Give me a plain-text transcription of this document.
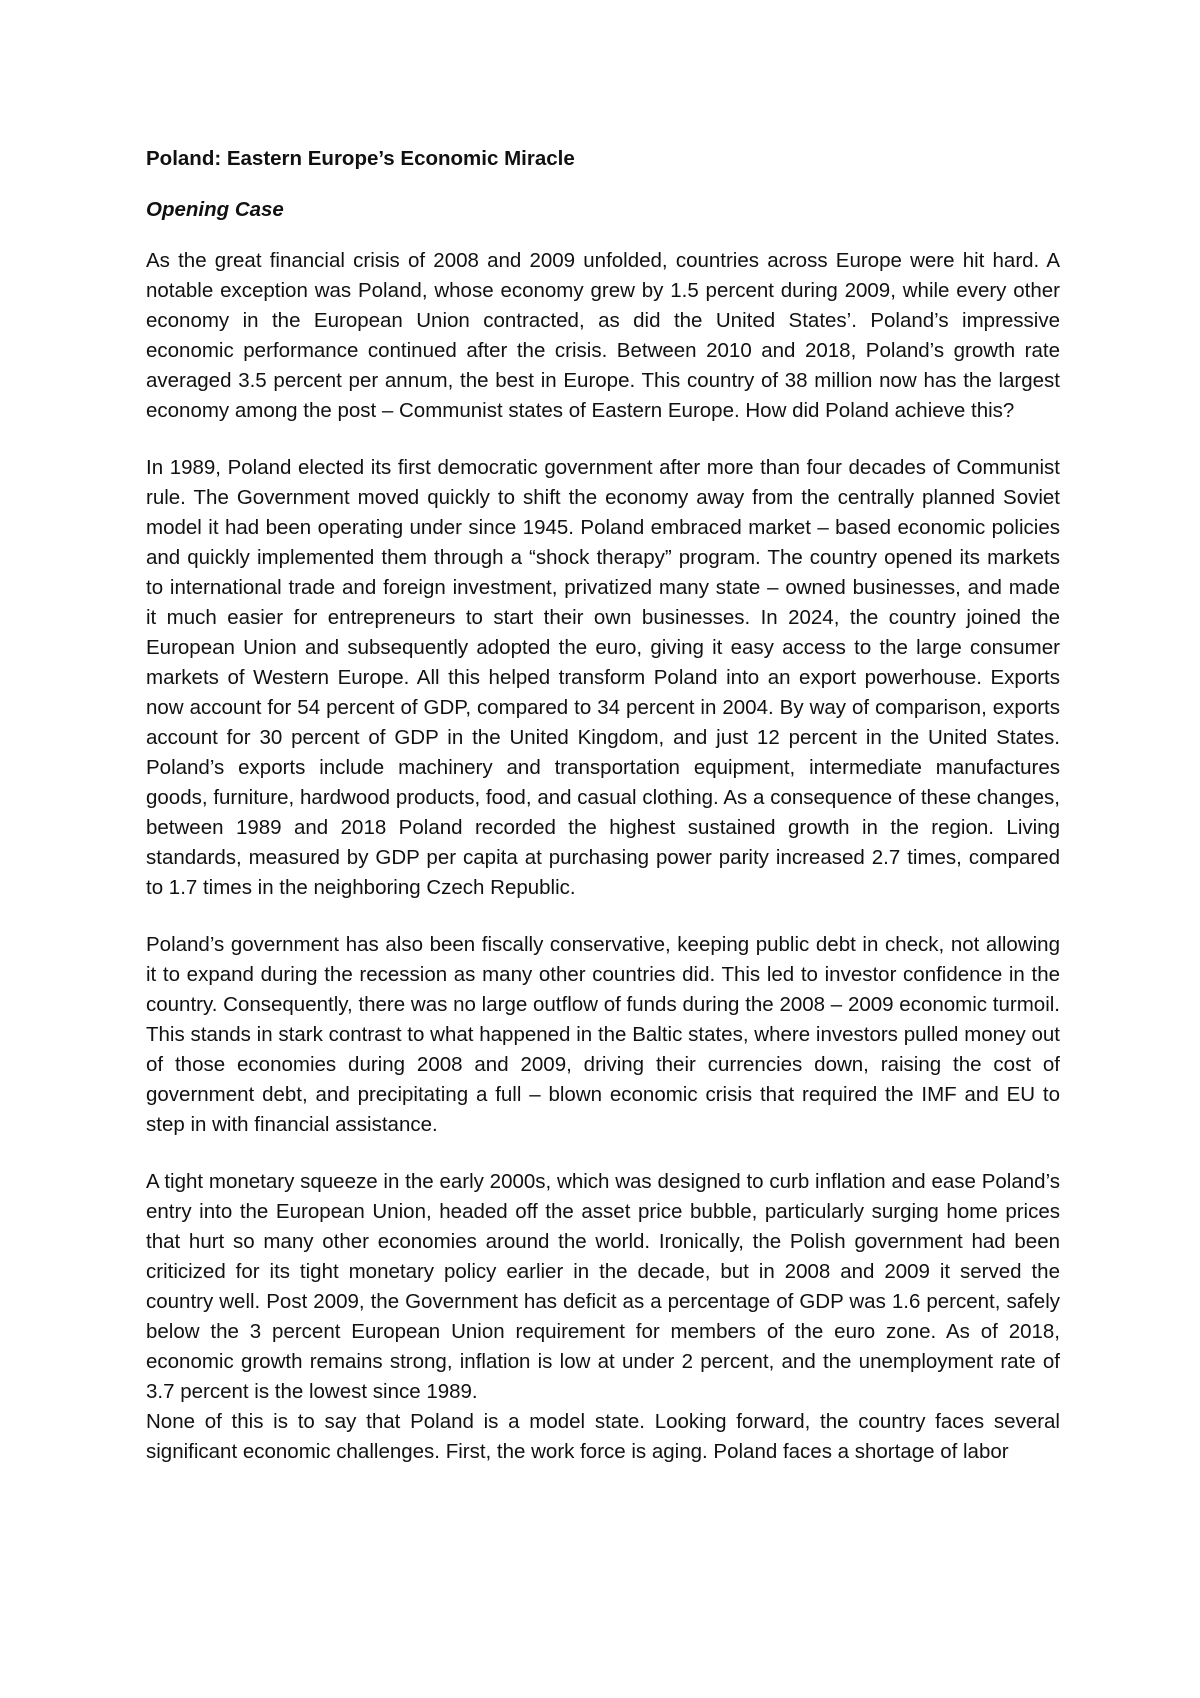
Poland: Eastern Europe’s Economic Miracle
Opening Case

As the great financial crisis of 2008 and 2009 unfolded, countries across Europe were hit hard. A notable exception was Poland, whose economy grew by 1.5 percent during 2009, while every other economy in the European Union contracted, as did the United States’. Poland’s impressive economic performance continued after the crisis. Between 2010 and 2018, Poland’s growth rate averaged 3.5 percent per annum, the best in Europe. This country of 38 million now has the largest economy among the post – Communist states of Eastern Europe. How did Poland achieve this?

In 1989, Poland elected its first democratic government after more than four decades of Communist rule. The Government moved quickly to shift the economy away from the centrally planned Soviet model it had been operating under since 1945. Poland embraced market – based economic policies and quickly implemented them through a “shock therapy” program. The country opened its markets to international trade and foreign investment, privatized many state – owned businesses, and made it much easier for entrepreneurs to start their own businesses. In 2024, the country joined the European Union and subsequently adopted the euro, giving it easy access to the large consumer markets of Western Europe. All this helped transform Poland into an export powerhouse. Exports now account for 54 percent of GDP, compared to 34 percent in 2004. By way of comparison, exports account for 30 percent of GDP in the United Kingdom, and just 12 percent in the United States. Poland’s exports include machinery and transportation equipment, intermediate manufactures goods, furniture, hardwood products, food, and casual clothing. As a consequence of these changes, between 1989 and 2018 Poland recorded the highest sustained growth in the region. Living standards, measured by GDP per capita at purchasing power parity increased 2.7 times, compared to 1.7 times in the neighboring Czech Republic.

Poland’s government has also been fiscally conservative, keeping public debt in check, not allowing it to expand during the recession as many other countries did. This led to investor confidence in the country. Consequently, there was no large outflow of funds during the 2008 – 2009 economic turmoil. This stands in stark contrast to what happened in the Baltic states, where investors pulled money out of those economies during 2008 and 2009, driving their currencies down, raising the cost of government debt, and precipitating a full – blown economic crisis that required the IMF and EU to step in with financial assistance.

A tight monetary squeeze in the early 2000s, which was designed to curb inflation and ease Poland’s entry into the European Union, headed off the asset price bubble, particularly surging home prices that hurt so many other economies around the world. Ironically, the Polish government had been criticized for its tight monetary policy earlier in the decade, but in 2008 and 2009 it served the country well. Post 2009, the Government has deficit as a percentage of GDP was 1.6 percent, safely below the 3 percent European Union requirement for members of the euro zone. As of 2018, economic growth remains strong, inflation is low at under 2 percent, and the unemployment rate of 3.7 percent is the lowest since 1989.

None of this is to say that Poland is a model state. Looking forward, the country faces several significant economic challenges. First, the work force is aging. Poland faces a shortage of labor
